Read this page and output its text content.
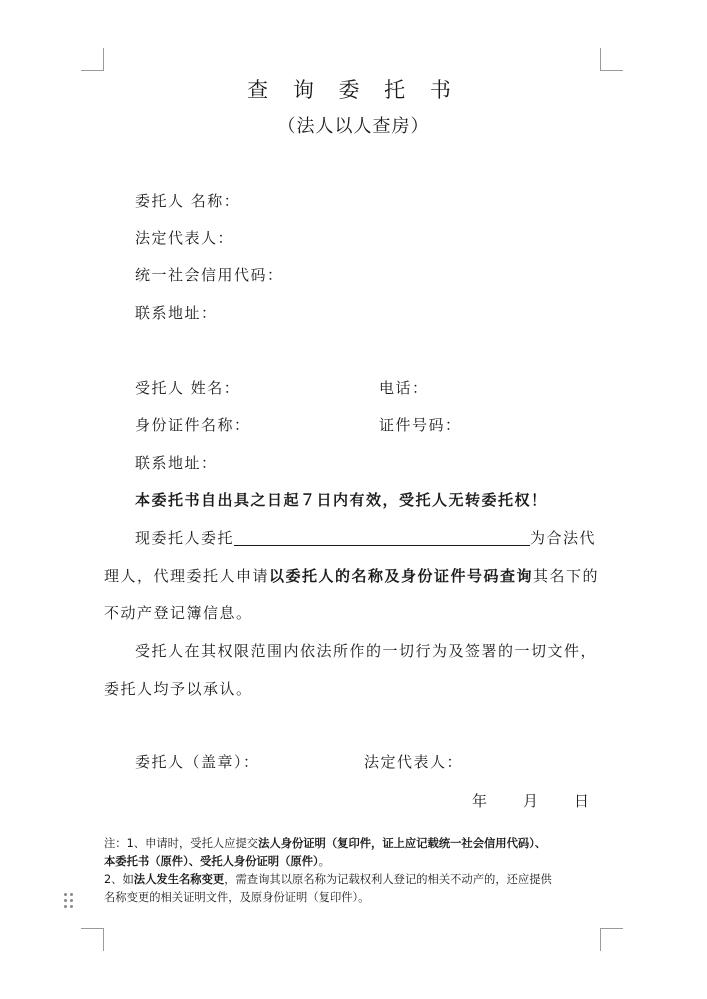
查 询 委 托 书
（法人以人查房）
委托人 名称：
法定代表人：
统一社会信用代码：
联系地址：
受托人 姓名：	电话：
身份证件名称：	证件号码：
联系地址：
本委托书自出具之日起７日内有效，受托人无转委托权！
现委托人委托	为合法代
理人，代理委托人申请以委托人的名称及身份证件号码查询其名下的
不动产登记簿信息。
受托人在其权限范围内依法所作的一切行为及签署的一切文件，
委托人均予以承认。
委托人（盖章）：	法定代表人：
年 月 日
注：1、申请时，受托人应提交法人身份证明（复印件，证上应记载统一社会信用代码）、
本委托书（原件）、受托人身份证明（原件）。
2、如法人发生名称变更，需查询其以原名称为记载权利人登记的相关不动产的，还应提供
名称变更的相关证明文件，及原身份证明（复印件）。
